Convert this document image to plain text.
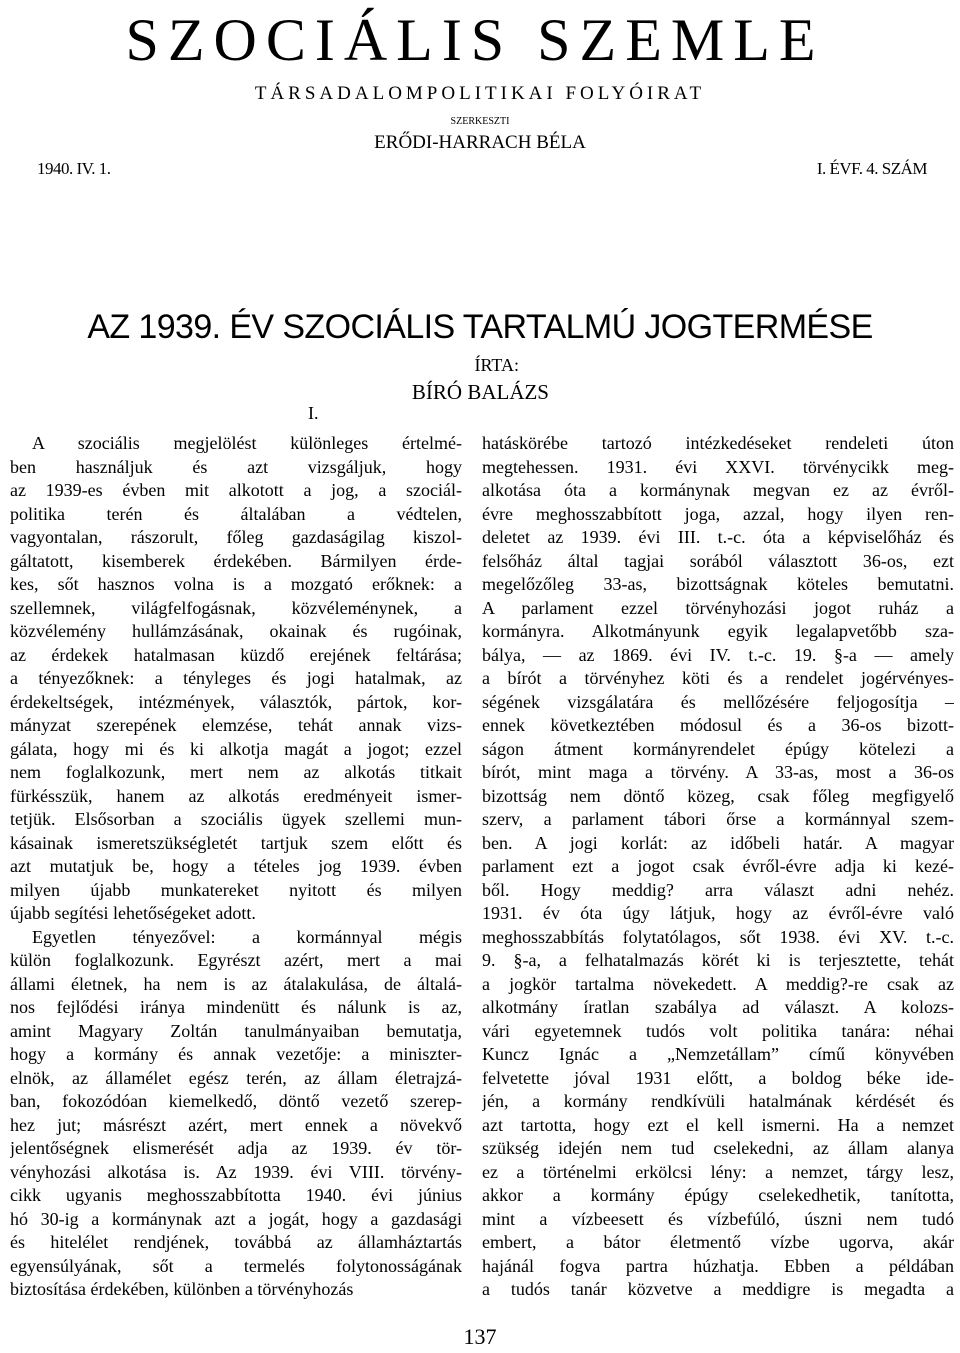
SZOCIÁLIS SZEMLE
TÁRSADALOMPOLITIKAI FOLYÓIRAT
SZERKESZTI
ERŐDI-HARRACH BÉLA
1940. IV. 1.	I. ÉVF. 4. SZÁM
AZ 1939. ÉV SZOCIÁLIS TARTALMÚ JOGTERMÉSE
ÍRTA:
BÍRÓ BALÁZS
I.
A szociális megjelölést különleges értelmé-
ben használjuk és azt vizsgáljuk, hogy
az 1939-es évben mit alkotott a jog, a szociál-
politika terén és általában a védtelen,
vagyontalan, rászorult, főleg gazdaságilag kiszol-
gáltatott, kisemberek érdekében. Bármilyen érde-
kes, sőt hasznos volna is a mozgató erőknek: a
szellemnek, világfelfogásnak, közvéleménynek, a
közvélemény hullámzásának, okainak és rugóinak,
az érdekek hatalmasan küzdő erejének feltárása;
a tényezőknek: a tényleges és jogi hatalmak, az
érdekeltségek, intézmények, választók, pártok, kor-
mányzat szerepének elemzése, tehát annak vizs-
gálata, hogy mi és ki alkotja magát a jogot; ezzel
nem foglalkozunk, mert nem az alkotás titkait
fürkésszük, hanem az alkotás eredményeit ismer-
tetjük. Elsősorban a szociális ügyek szellemi mun-
kásainak ismeretszükségletét tartjuk szem előtt és
azt mutatjuk be, hogy a tételes jog 1939. évben
milyen újabb munkatereket nyitott és milyen
újabb segítési lehetőségeket adott.
Egyetlen tényezővel: a kormánnyal mégis
külön foglalkozunk. Egyrészt azért, mert a mai
állami életnek, ha nem is az átalakulása, de általá-
nos fejlődési iránya mindenütt és nálunk is az,
amint Magyary Zoltán tanulmányaiban bemutatja,
hogy a kormány és annak vezetője: a miniszter-
elnök, az államélet egész terén, az állam életrajzá-
ban, fokozódóan kiemelkedő, döntő vezető szerep-
hez jut; másrészt azért, mert ennek a növekvő
jelentőségnek elismerését adja az 1939. év tör-
vényhozási alkotása is. Az 1939. évi VIII. törvény-
cikk ugyanis meghosszabbította 1940. évi június
hó 30-ig a kormánynak azt a jogát, hogy a gazdasági
és hitelélet rendjének, továbbá az államháztartás
egyensúlyának, sőt a termelés folytonosságának
biztosítása érdekében, különben a törvényhozás
hatáskörébe tartozó intézkedéseket rendeleti úton
megtehessen. 1931. évi XXVI. törvénycikk meg-
alkotása óta a kormánynak megvan ez az évről-
évre meghosszabbított joga, azzal, hogy ilyen ren-
deletet az 1939. évi III. t.-c. óta a képviselőház és
felsőház által tagjai sorából választott 36-os, ezt
megelőzőleg 33-as, bizottságnak köteles bemutatni.
A parlament ezzel törvényhozási jogot ruház a
kormányra. Alkotmányunk egyik legalapvetőbb sza-
bálya, — az 1869. évi IV. t.-c. 19. §-a — amely
a bírót a törvényhez köti és a rendelet jogérvényes-
ségének vizsgálatára és mellőzésére feljogosítja –
ennek következtében módosul és a 36-os bizott-
ságon átment kormányrendelet épúgy kötelezi a
bírót, mint maga a törvény. A 33-as, most a 36-os
bizottság nem döntő közeg, csak főleg megfigyelő
szerv, a parlament tábori őrse a kormánnyal szem-
ben. A jogi korlát: az időbeli határ. A magyar
parlament ezt a jogot csak évről-évre adja ki kezé-
ből. Hogy meddig? arra választ adni nehéz.
1931. év óta úgy látjuk, hogy az évről-évre való
meghosszabbítás folytatólagos, sőt 1938. évi XV. t.-c.
9. §-a, a felhatalmazás körét ki is terjesztette, tehát
a jogkör tartalma növekedett. A meddig?-re csak az
alkotmány íratlan szabálya ad választ. A kolozs-
vári egyetemnek tudós volt politika tanára: néhai
Kuncz Ignác a „Nemzetállam” című könyvében
felvetette jóval 1931 előtt, a boldog béke ide-
jén, a kormány rendkívüli hatalmának kérdését és
azt tartotta, hogy ezt el kell ismerni. Ha a nemzet
szükség idején nem tud cselekedni, az állam alanya
ez a történelmi erkölcsi lény: a nemzet, tárgy lesz,
akkor a kormány épúgy cselekedhetik, tanította,
mint a vízbeesett és vízbefúló, úszni nem tudó
embert, a bátor életmentő vízbe ugorva, akár
hajánál fogva partra húzhatja. Ebben a példában
a tudós tanár közvetve a meddigre is megadta a
137
